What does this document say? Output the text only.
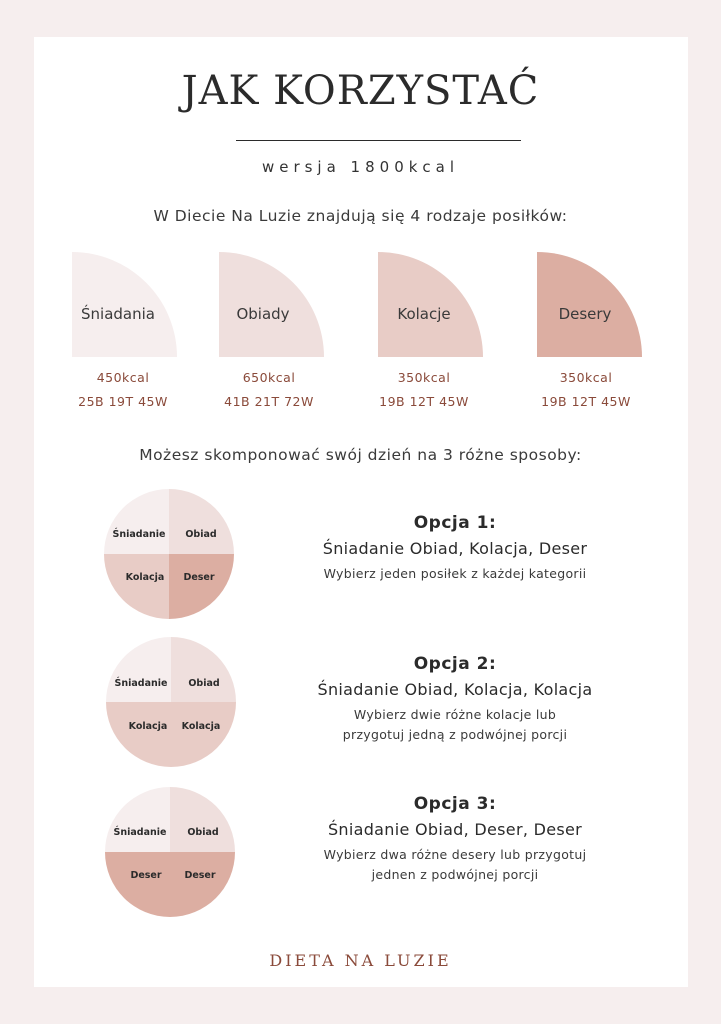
JAK KORZYSTAĆ
wersja 1800kcal
W Diecie Na Luzie znajdują się 4 rodzaje posiłków:
Śniadania	Obiady	Kolacje	Desery
450kcal	650kcal	350kcal	350kcal
25B 19T 45W	41B 21T 72W	19B 12T 45W	19B 12T 45W
Możesz skomponować swój dzień na 3 różne sposoby:
Śniadanie	Obiad
Kolacja	Deser
Opcja 1:
Śniadanie Obiad, Kolacja, Deser
Wybierz jeden posiłek z każdej kategorii
Śniadanie	Obiad
Kolacja	Kolacja
Opcja 2:
Śniadanie Obiad, Kolacja, Kolacja
Wybierz dwie różne kolacje lub
przygotuj jedną z podwójnej porcji
Śniadanie	Obiad
Deser	Deser
Opcja 3:
Śniadanie Obiad, Deser, Deser
Wybierz dwa różne desery lub przygotuj
jednen z podwójnej porcji
DIETA NA LUZIE
